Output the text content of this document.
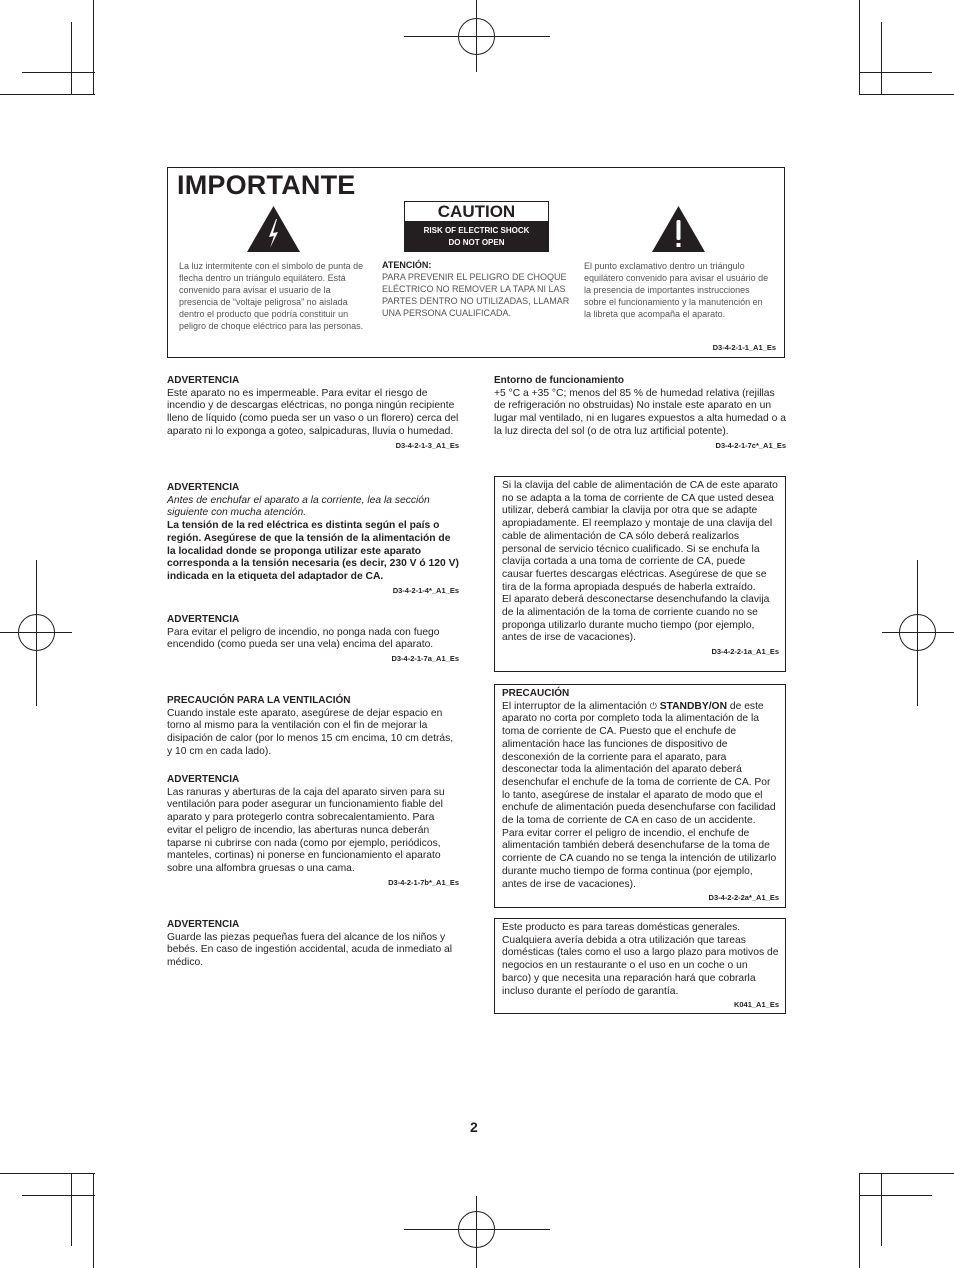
IMPORTANTE
CAUTION
RISK OF ELECTRIC SHOCK
DO NOT OPEN
La luz intermitente con el símbolo de punta de flecha dentro un triángulo equilátero. Está convenido para avisar el usuario de la presencia de “voltaje peligrosa” no aislada dentro el producto que podría constituir un peligro de choque eléctrico para las personas.
ATENCIÓN:
PARA PREVENIR EL PELIGRO DE CHOQUE ELÉCTRICO NO REMOVER LA TAPA NI LAS PARTES DENTRO NO UTILIZADAS, LLAMAR UNA PERSONA CUALIFICADA.
El punto exclamativo dentro un triángulo equilátero convenido para avisar el usuário de la presencia de importantes instrucciones sobre el funcionamiento y la manutención en la libreta que acompaña el aparato.
D3-4-2-1-1_A1_Es
ADVERTENCIA
Este aparato no es impermeable. Para evitar el riesgo de incendio y de descargas eléctricas, no ponga ningún recipiente lleno de líquido (como pueda ser un vaso o un florero) cerca del aparato ni lo exponga a goteo, salpicaduras, lluvia o humedad.
D3-4-2-1-3_A1_Es
ADVERTENCIA
Antes de enchufar el aparato a la corriente, lea la sección siguiente con mucha atención.
La tensión de la red eléctrica es distinta según el país o región. Asegúrese de que la tensión de la alimentación de la localidad donde se proponga utilizar este aparato corresponda a la tensión necesaria (es decir, 230 V ó 120 V) indicada en la etiqueta del adaptador de CA.
D3-4-2-1-4*_A1_Es
ADVERTENCIA
Para evitar el peligro de incendio, no ponga nada con fuego encendido (como pueda ser una vela) encima del aparato.
D3-4-2-1-7a_A1_Es
PRECAUCIÓN PARA LA VENTILACIÓN
Cuando instale este aparato, asegúrese de dejar espacio en torno al mismo para la ventilación con el fin de mejorar la disipación de calor (por lo menos 15 cm encima, 10 cm detrás, y 10 cm en cada lado).
ADVERTENCIA
Las ranuras y aberturas de la caja del aparato sirven para su ventilación para poder asegurar un funcionamiento fiable del aparato y para protegerlo contra sobrecalentamiento. Para evitar el peligro de incendio, las aberturas nunca deberán taparse ni cubrirse con nada (como por ejemplo, periódicos, manteles, cortinas) ni ponerse en funcionamiento el aparato sobre una alfombra gruesas o una cama.
D3-4-2-1-7b*_A1_Es
ADVERTENCIA
Guarde las piezas pequeñas fuera del alcance de los niños y bebés. En caso de ingestión accidental, acuda de inmediato al médico.
Entorno de funcionamiento
+5 °C a +35 °C; menos del 85 % de humedad relativa (rejillas de refrigeración no obstruidas) No instale este aparato en un lugar mal ventilado, ni en lugares expuestos a alta humedad o a la luz directa del sol (o de otra luz artificial potente).
D3-4-2-1-7c*_A1_Es
Si la clavija del cable de alimentación de CA de este aparato no se adapta a la toma de corriente de CA que usted desea utilizar, deberá cambiar la clavija por otra que se adapte apropiadamente. El reemplazo y montaje de una clavija del cable de alimentación de CA sólo deberá realizarlos personal de servicio técnico cualificado. Si se enchufa la clavija cortada a una toma de corriente de CA, puede causar fuertes descargas eléctricas. Asegúrese de que se tira de la forma apropiada después de haberla extraído.
El aparato deberá desconectarse desenchufando la clavija de la alimentación de la toma de corriente cuando no se proponga utilizarlo durante mucho tiempo (por ejemplo, antes de irse de vacaciones).
D3-4-2-2-1a_A1_Es
PRECAUCIÓN
El interruptor de la alimentación ⏻ STANDBY/ON de este aparato no corta por completo toda la alimentación de la toma de corriente de CA. Puesto que el enchufe de alimentación hace las funciones de dispositivo de desconexión de la corriente para el aparato, para desconectar toda la alimentación del aparato deberá desenchufar el enchufe de la toma de corriente de CA. Por lo tanto, asegúrese de instalar el aparato de modo que el enchufe de alimentación pueda desenchufarse con facilidad de la toma de corriente de CA en caso de un accidente. Para evitar correr el peligro de incendio, el enchufe de alimentación también deberá desenchufarse de la toma de corriente de CA cuando no se tenga la intención de utilizarlo durante mucho tiempo de forma continua (por ejemplo, antes de irse de vacaciones).
D3-4-2-2-2a*_A1_Es
Este producto es para tareas domésticas generales. Cualquiera avería debida a otra utilización que tareas domésticas (tales como el uso a largo plazo para motivos de negocios en un restaurante o el uso en un coche o un barco) y que necesita una reparación hará que cobrarla incluso durante el período de garantía.
K041_A1_Es
2
